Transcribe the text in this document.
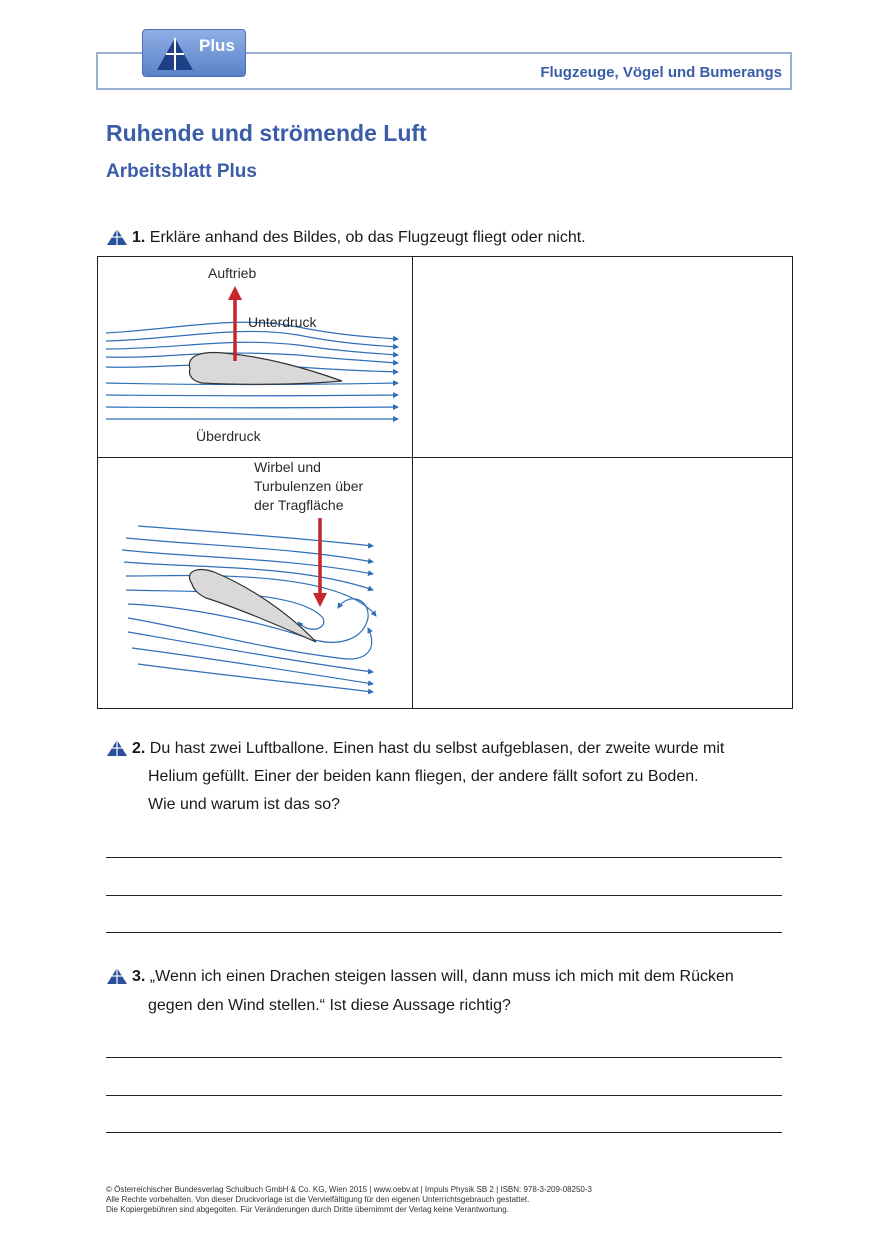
Flugzeuge, Vögel und Bumerangs
Plus
Ruhende und strömende Luft
Arbeitsblatt Plus
1. Erkläre anhand des Bildes, ob das Flugzeugt fliegt oder nicht.
Auftrieb
Unterdruck
Überdruck
Wirbel und
Turbulenzen über
der Tragfläche
2. Du hast zwei Luftballone. Einen hast du selbst aufgeblasen, der zweite wurde mit
Helium gefüllt. Einer der beiden kann fliegen, der andere fällt sofort zu Boden.
Wie und warum ist das so?
3. „Wenn ich einen Drachen steigen lassen will, dann muss ich mich mit dem Rücken
gegen den Wind stellen.“ Ist diese Aussage richtig?
© Österreichischer Bundesverlag Schulbuch GmbH & Co. KG, Wien 2015 | www.oebv.at | Impuls Physik SB 2 | ISBN: 978-3-209-08250-3
Alle Rechte vorbehalten. Von dieser Druckvorlage ist die Vervielfältigung für den eigenen Unterrichtsgebrauch gestattet.
Die Kopiergebühren sind abgegolten. Für Veränderungen durch Dritte übernimmt der Verlag keine Verantwortung.
